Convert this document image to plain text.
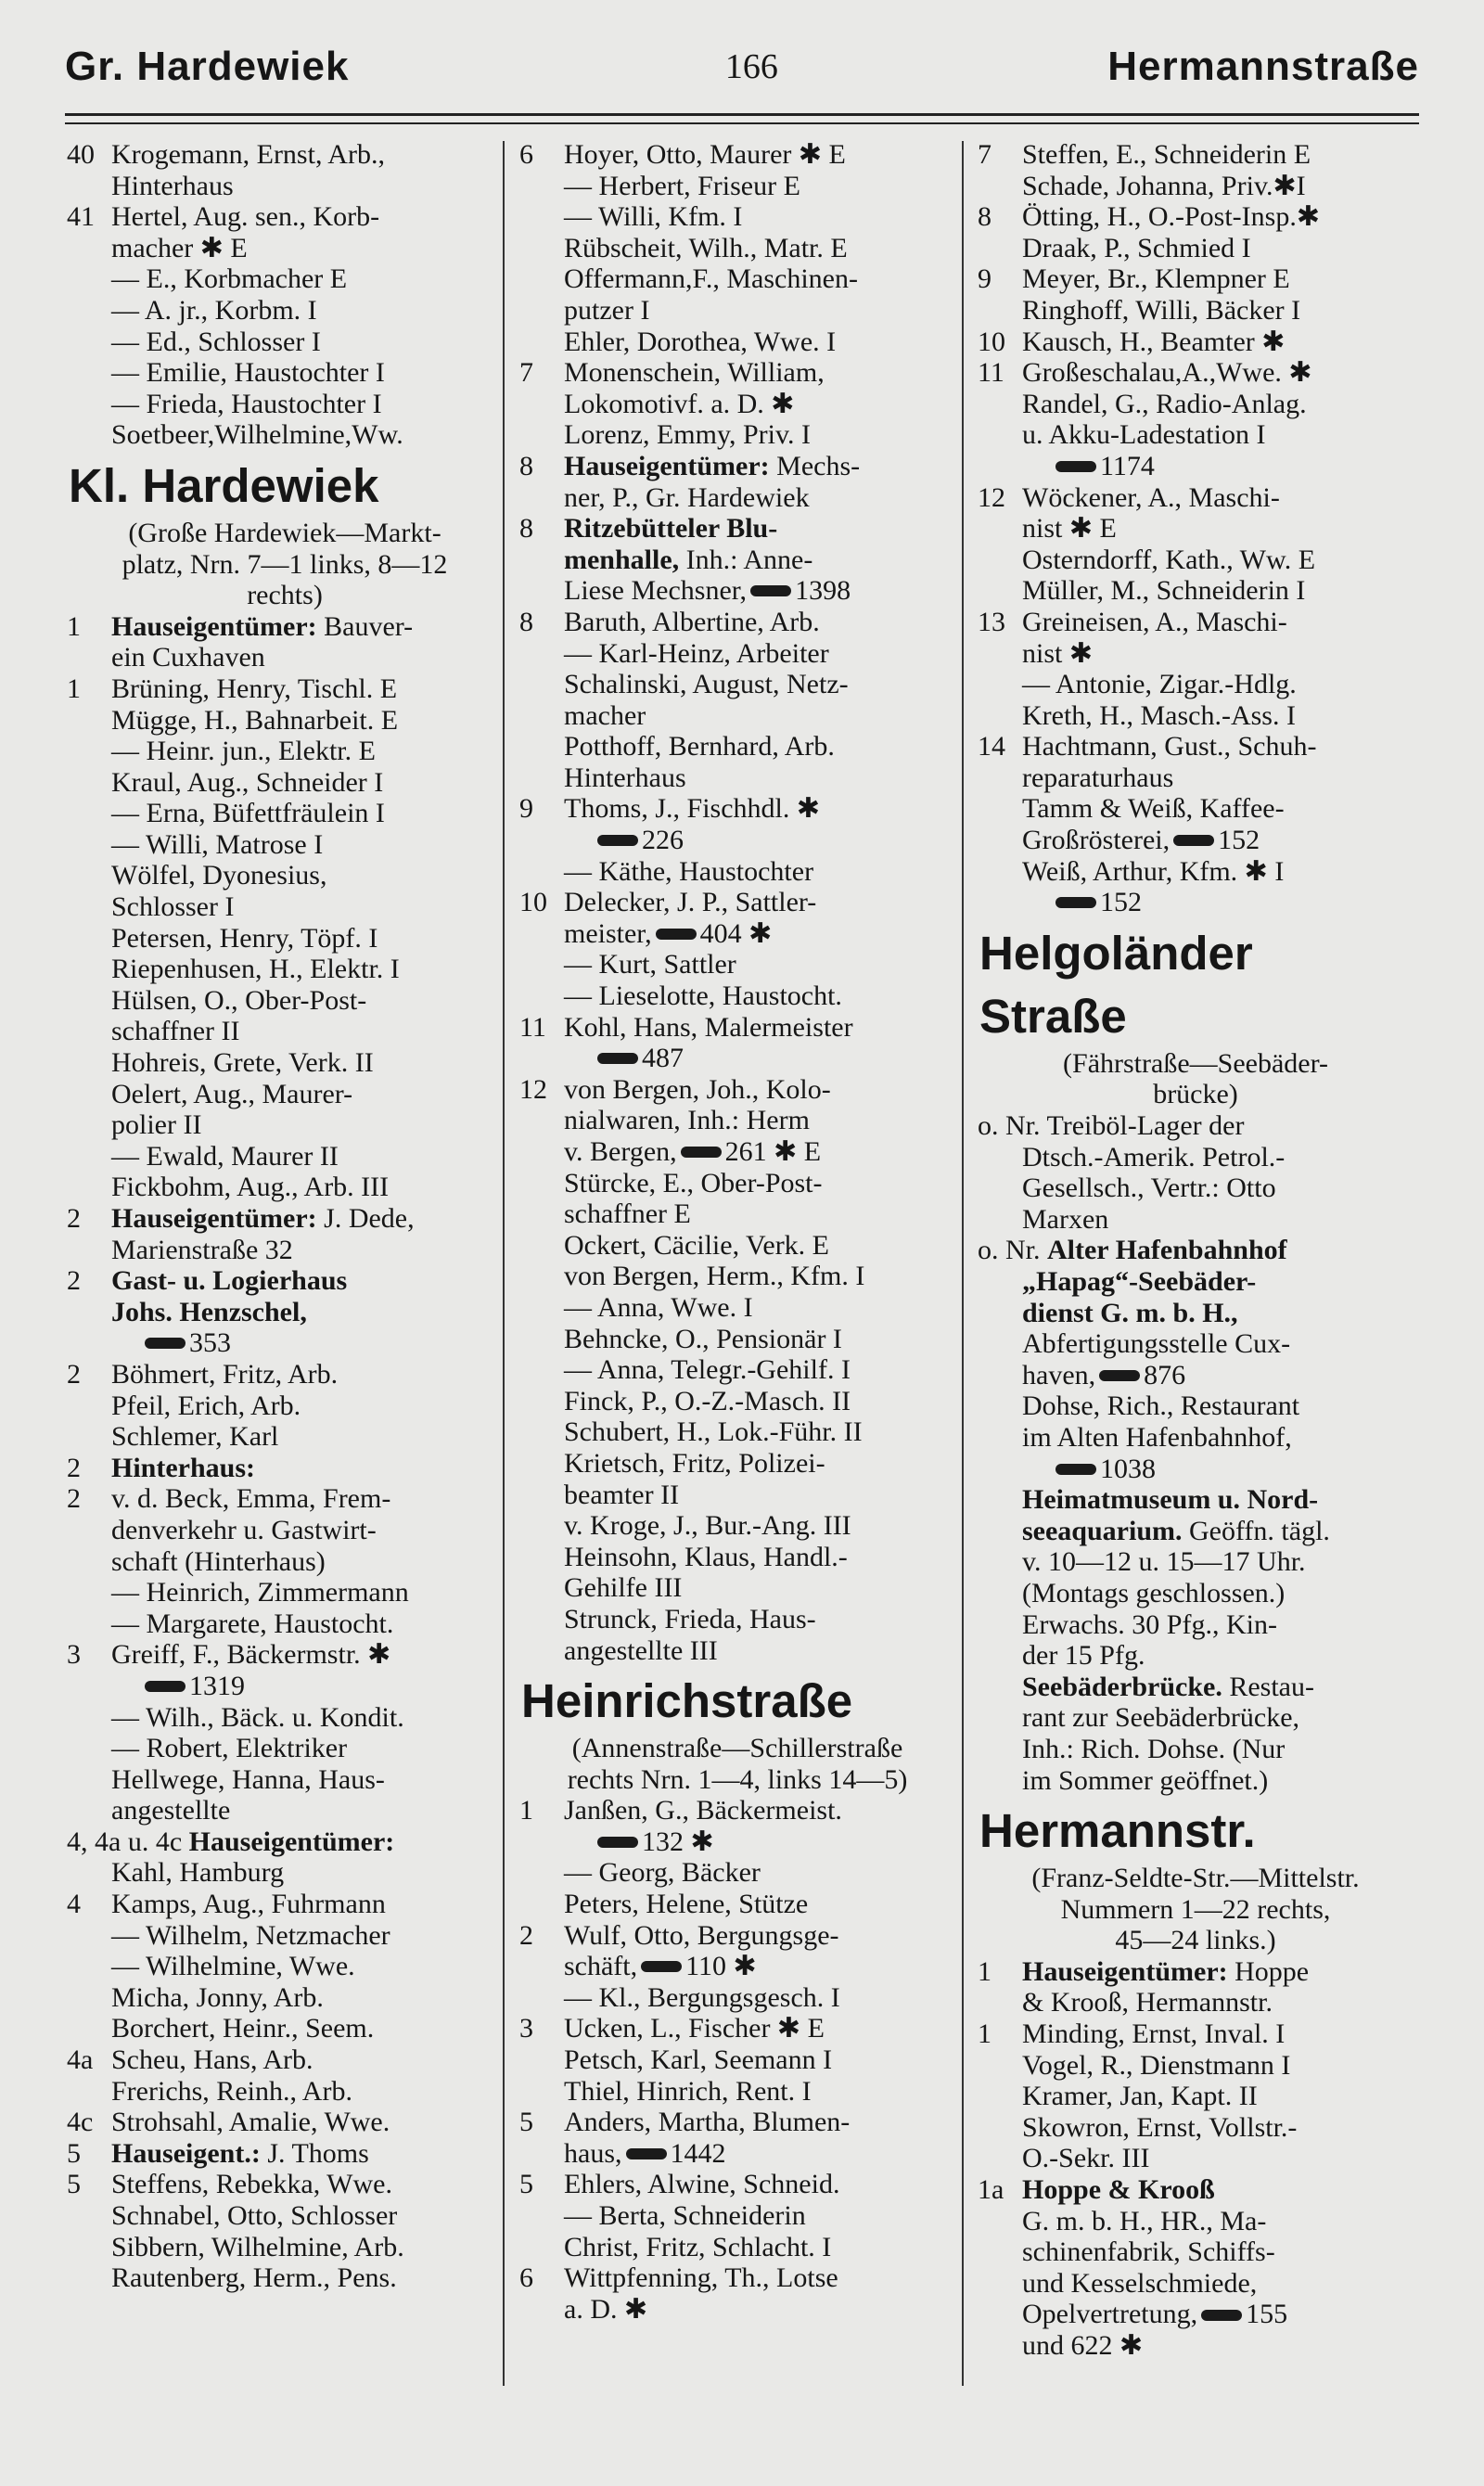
Gr. Hardewiek	166	Hermannstraße
40 Krogemann, Ernst, Arb.,
Hinterhaus
41 Hertel, Aug. sen., Korb-
macher ✱ E
— E., Korbmacher E
— A. jr., Korbm. I
— Ed., Schlosser I
— Emilie, Haustochter I
— Frieda, Haustochter I
Soetbeer,Wilhelmine,Ww.
Kl. Hardewiek
(Große Hardewiek—Markt-
platz, Nrn. 7—1 links, 8—12
rechts)
1 Hauseigentümer: Bauver-
ein Cuxhaven
1 Brüning, Henry, Tischl. E
Mügge, H., Bahnarbeit. E
— Heinr. jun., Elektr. E
Kraul, Aug., Schneider I
— Erna, Büfettfräulein I
— Willi, Matrose I
Wölfel, Dyonesius,
Schlosser I
Petersen, Henry, Töpf. I
Riepenhusen, H., Elektr. I
Hülsen, O., Ober-Post-
schaffner II
Hohreis, Grete, Verk. II
Oelert, Aug., Maurer-
polier II
— Ewald, Maurer II
Fickbohm, Aug., Arb. III
2 Hauseigentümer: J. Dede,
Marienstraße 32
2 Gast- u. Logierhaus
Johs. Henzschel,
353
2 Böhmert, Fritz, Arb.
Pfeil, Erich, Arb.
Schlemer, Karl
2 Hinterhaus:
2 v. d. Beck, Emma, Frem-
denverkehr u. Gastwirt-
schaft (Hinterhaus)
— Heinrich, Zimmermann
— Margarete, Haustocht.
3 Greiff, F., Bäckermstr. ✱
1319
— Wilh., Bäck. u. Kondit.
— Robert, Elektriker
Hellwege, Hanna, Haus-
angestellte
4, 4a u. 4c Hauseigentümer:
Kahl, Hamburg
4 Kamps, Aug., Fuhrmann
— Wilhelm, Netzmacher
— Wilhelmine, Wwe.
Micha, Jonny, Arb.
Borchert, Heinr., Seem.
4a Scheu, Hans, Arb.
Frerichs, Reinh., Arb.
4c Strohsahl, Amalie, Wwe.
5 Hauseigent.: J. Thoms
5 Steffens, Rebekka, Wwe.
Schnabel, Otto, Schlosser
Sibbern, Wilhelmine, Arb.
Rautenberg, Herm., Pens.
6 Hoyer, Otto, Maurer ✱ E
— Herbert, Friseur E
— Willi, Kfm. I
Rübscheit, Wilh., Matr. E
Offermann,F., Maschinen-
putzer I
Ehler, Dorothea, Wwe. I
7 Monenschein, William,
Lokomotivf. a. D. ✱
Lorenz, Emmy, Priv. I
8 Hauseigentümer: Mechs-
ner, P., Gr. Hardewiek
8 Ritzebütteler Blu-
menhalle, Inh.: Anne-
Liese Mechsner, 1398
8 Baruth, Albertine, Arb.
— Karl-Heinz, Arbeiter
Schalinski, August, Netz-
macher
Potthoff, Bernhard, Arb.
Hinterhaus
9 Thoms, J., Fischhdl. ✱
226
— Käthe, Haustochter
10 Delecker, J. P., Sattler-
meister, 404 ✱
— Kurt, Sattler
— Lieselotte, Haustocht.
11 Kohl, Hans, Malermeister
487
12 von Bergen, Joh., Kolo-
nialwaren, Inh.: Herm
v. Bergen, 261 ✱ E
Stürcke, E., Ober-Post-
schaffner E
Ockert, Cäcilie, Verk. E
von Bergen, Herm., Kfm. I
— Anna, Wwe. I
Behncke, O., Pensionär I
— Anna, Telegr.-Gehilf. I
Finck, P., O.-Z.-Masch. II
Schubert, H., Lok.-Führ. II
Krietsch, Fritz, Polizei-
beamter II
v. Kroge, J., Bur.-Ang. III
Heinsohn, Klaus, Handl.-
Gehilfe III
Strunck, Frieda, Haus-
angestellte III
Heinrichstraße
(Annenstraße—Schillerstraße
rechts Nrn. 1—4, links 14—5)
1 Janßen, G., Bäckermeist.
132 ✱
— Georg, Bäcker
Peters, Helene, Stütze
2 Wulf, Otto, Bergungsge-
schäft, 110 ✱
— Kl., Bergungsgesch. I
3 Ucken, L., Fischer ✱ E
Petsch, Karl, Seemann I
Thiel, Hinrich, Rent. I
5 Anders, Martha, Blumen-
haus, 1442
5 Ehlers, Alwine, Schneid.
— Berta, Schneiderin
Christ, Fritz, Schlacht. I
6 Wittpfenning, Th., Lotse
a. D. ✱
7 Steffen, E., Schneiderin E
Schade, Johanna, Priv.✱I
8 Ötting, H., O.-Post-Insp.✱
Draak, P., Schmied I
9 Meyer, Br., Klempner E
Ringhoff, Willi, Bäcker I
10 Kausch, H., Beamter ✱
11 Großeschalau,A.,Wwe. ✱
Randel, G., Radio-Anlag.
u. Akku-Ladestation I
1174
12 Wöckener, A., Maschi-
nist ✱ E
Osterndorff, Kath., Ww. E
Müller, M., Schneiderin I
13 Greineisen, A., Maschi-
nist ✱
— Antonie, Zigar.-Hdlg.
Kreth, H., Masch.-Ass. I
14 Hachtmann, Gust., Schuh-
reparaturhaus
Tamm & Weiß, Kaffee-
Großrösterei, 152
Weiß, Arthur, Kfm. ✱ I
152
Helgoländer
Straße
(Fährstraße—Seebäder-
brücke)
o. Nr. Treiböl-Lager der
Dtsch.-Amerik. Petrol.-
Gesellsch., Vertr.: Otto
Marxen
o. Nr. Alter Hafenbahnhof
„Hapag“-Seebäder-
dienst G. m. b. H.,
Abfertigungsstelle Cux-
haven, 876
Dohse, Rich., Restaurant
im Alten Hafenbahnhof,
1038
Heimatmuseum u. Nord-
seeaquarium. Geöffn. tägl.
v. 10—12 u. 15—17 Uhr.
(Montags geschlossen.)
Erwachs. 30 Pfg., Kin-
der 15 Pfg.
Seebäderbrücke. Restau-
rant zur Seebäderbrücke,
Inh.: Rich. Dohse. (Nur
im Sommer geöffnet.)
Hermannstr.
(Franz-Seldte-Str.—Mittelstr.
Nummern 1—22 rechts,
45—24 links.)
1 Hauseigentümer: Hoppe
& Krooß, Hermannstr.
1 Minding, Ernst, Inval. I
Vogel, R., Dienstmann I
Kramer, Jan, Kapt. II
Skowron, Ernst, Vollstr.-
O.-Sekr. III
1a Hoppe & Krooß
G. m. b. H., HR., Ma-
schinenfabrik, Schiffs-
und Kesselschmiede,
Opelvertretung, 155
und 622 ✱
